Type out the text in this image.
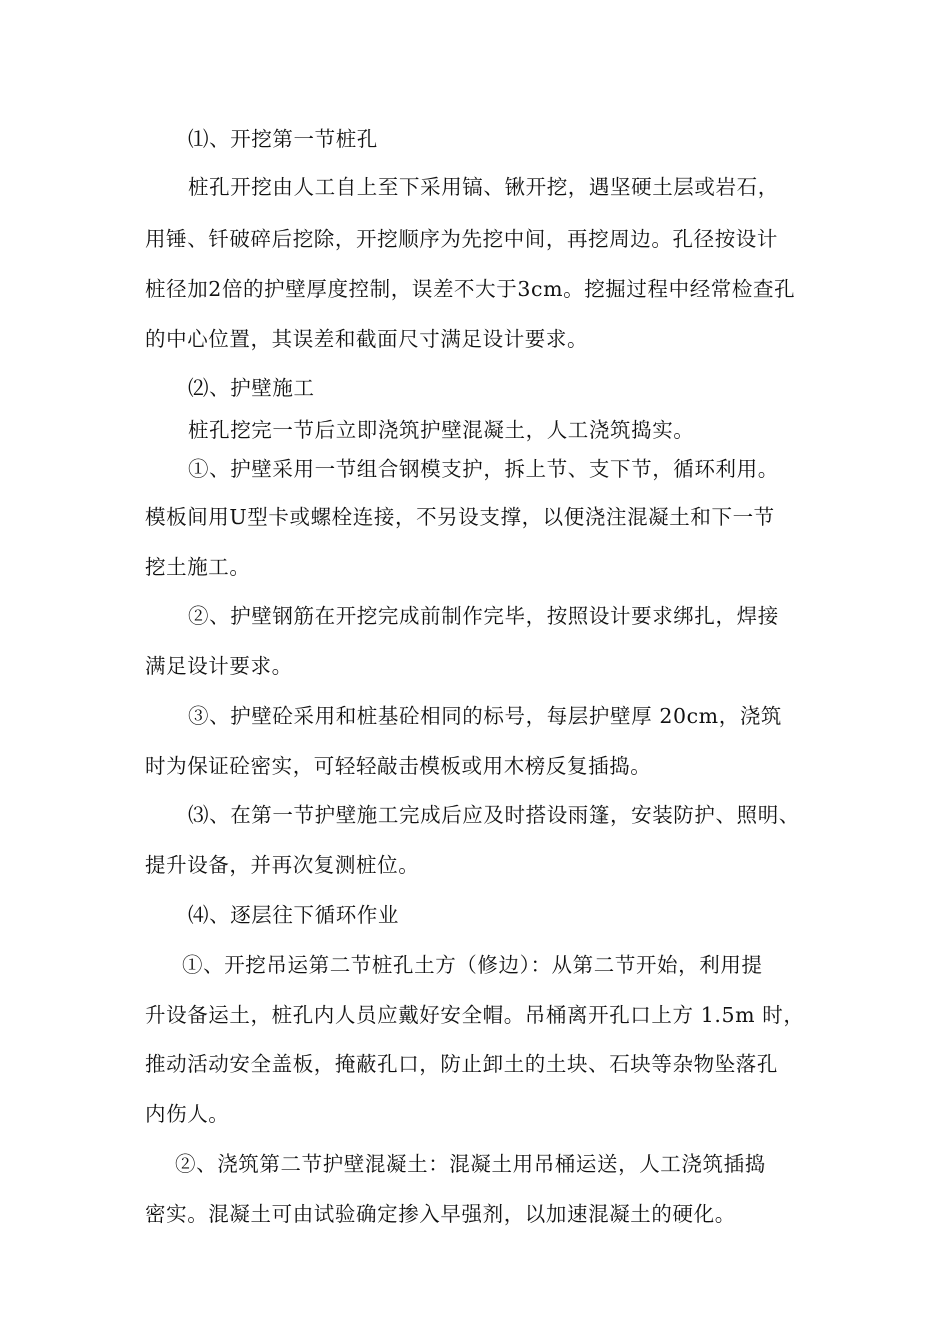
⑴、开挖第一节桩孔
桩孔开挖由人工自上至下采用镐、锹开挖，遇坚硬土层或岩石，
用锤、钎破碎后挖除，开挖顺序为先挖中间，再挖周边。孔径按设计
桩径加2倍的护壁厚度控制，误差不大于3cm。挖掘过程中经常检查孔
的中心位置，其误差和截面尺寸满足设计要求。
⑵、护壁施工
桩孔挖完一节后立即浇筑护壁混凝土，人工浇筑捣实。
①、护壁采用一节组合钢模支护，拆上节、支下节，循环利用。
模板间用U型卡或螺栓连接，不另设支撑，以便浇注混凝土和下一节
挖土施工。
②、护壁钢筋在开挖完成前制作完毕，按照设计要求绑扎，焊接
满足设计要求。
③、护壁砼采用和桩基砼相同的标号，每层护壁厚 20cm，浇筑
时为保证砼密实，可轻轻敲击模板或用木榜反复插捣。
⑶、在第一节护壁施工完成后应及时搭设雨篷，安装防护、照明、
提升设备，并再次复测桩位。
⑷、逐层往下循环作业
①、开挖吊运第二节桩孔土方（修边）：从第二节开始，利用提
升设备运土，桩孔内人员应戴好安全帽。吊桶离开孔口上方 1.5m 时，
推动活动安全盖板，掩蔽孔口，防止卸土的土块、石块等杂物坠落孔
内伤人。
②、浇筑第二节护壁混凝土：混凝土用吊桶运送，人工浇筑插捣
密实。混凝土可由试验确定掺入早强剂，以加速混凝土的硬化。
